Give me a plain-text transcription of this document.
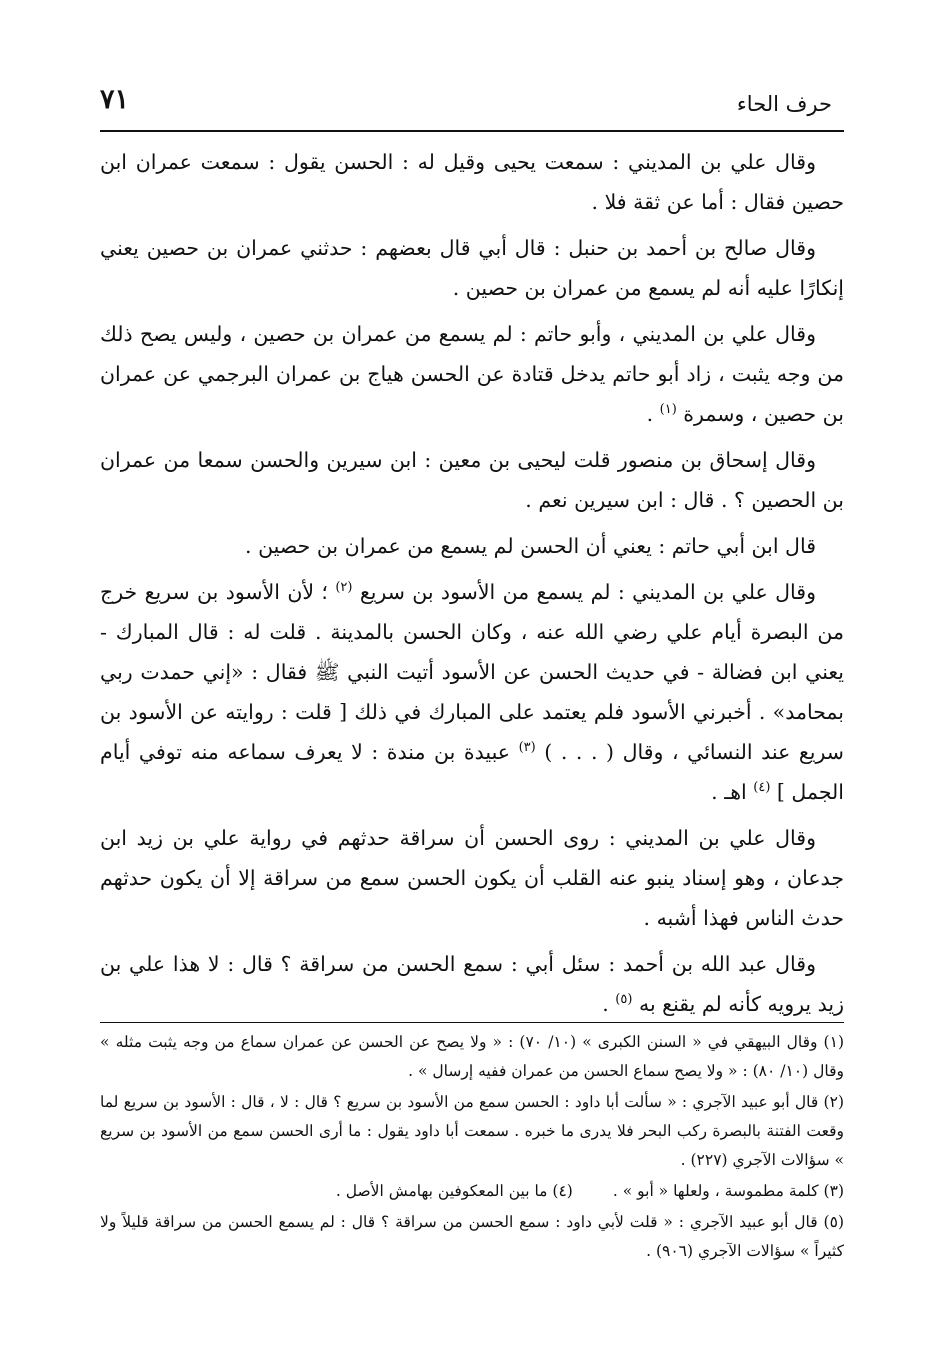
حرف الحاء
٧١

وقال علي بن المديني : سمعت يحيى وقيل له : الحسن يقول : سمعت عمران ابن حصين فقال : أما عن ثقة فلا .

وقال صالح بن أحمد بن حنبل : قال أبي قال بعضهم : حدثني عمران بن حصين يعني إنكارًا عليه أنه لم يسمع من عمران بن حصين .

وقال علي بن المديني ، وأبو حاتم : لم يسمع من عمران بن حصين ، وليس يصح ذلك من وجه يثبت ، زاد أبو حاتم يدخل قتادة عن الحسن هياج بن عمران البرجمي عن عمران بن حصين ، وسمرة $^{(١)}$ .

وقال إسحاق بن منصور قلت ليحيى بن معين : ابن سيرين والحسن سمعا من عمران بن الحصين ؟ . قال : ابن سيرين نعم .

قال ابن أبي حاتم : يعني أن الحسن لم يسمع من عمران بن حصين .

وقال علي بن المديني : لم يسمع من الأسود بن سريع $^{(٢)}$ ؛ لأن الأسود بن سريع خرج من البصرة أيام علي رضي الله عنه ، وكان الحسن بالمدينة . قلت له : قال المبارك - يعني ابن فضالة - في حديث الحسن عن الأسود أتيت النبي ﷺ فقال : «إني حمدت ربي بمحامد» . أخبرني الأسود فلم يعتمد على المبارك في ذلك [ قلت : روايته عن الأسود بن سريع عند النسائي ، وقال ( . . . ) $^{(٣)}$ عبيدة بن مندة : لا يعرف سماعه منه توفي أيام الجمل ] $^{(٤)}$ اهـ .

وقال علي بن المديني : روى الحسن أن سراقة حدثهم في رواية علي بن زيد ابن جدعان ، وهو إسناد ينبو عنه القلب أن يكون الحسن سمع من سراقة إلا أن يكون حدثهم حدث الناس فهذا أشبه .

وقال عبد الله بن أحمد : سئل أبي : سمع الحسن من سراقة ؟ قال : لا هذا علي بن زيد يرويه كأنه لم يقنع به $^{(٥)}$ .

(١) وقال البيهقي في « السنن الكبرى » (١٠/ ٧٠) : « ولا يصح عن الحسن عن عمران سماع من وجه يثبت مثله » وقال (١٠/ ٨٠) : « ولا يصح سماع الحسن من عمران ففيه إرسال » .

(٢) قال أبو عبيد الآجري : « سألت أبا داود : الحسن سمع من الأسود بن سريع ؟ قال : لا ، قال : الأسود بن سريع لما وقعت الفتنة بالبصرة ركب البحر فلا يدرى ما خبره . سمعت أبا داود يقول : ما أرى الحسن سمع من الأسود بن سريع » سؤالات الآجري (٢٢٧) .

(٣) كلمة مطموسة ، ولعلها « أبو » .

(٤) ما بين المعكوفين بهامش الأصل .

(٥) قال أبو عبيد الآجري : « قلت لأبي داود : سمع الحسن من سراقة ؟ قال : لم يسمع الحسن من سراقة قليلاً ولا كثيراً » سؤالات الآجري (٩٠٦) .
